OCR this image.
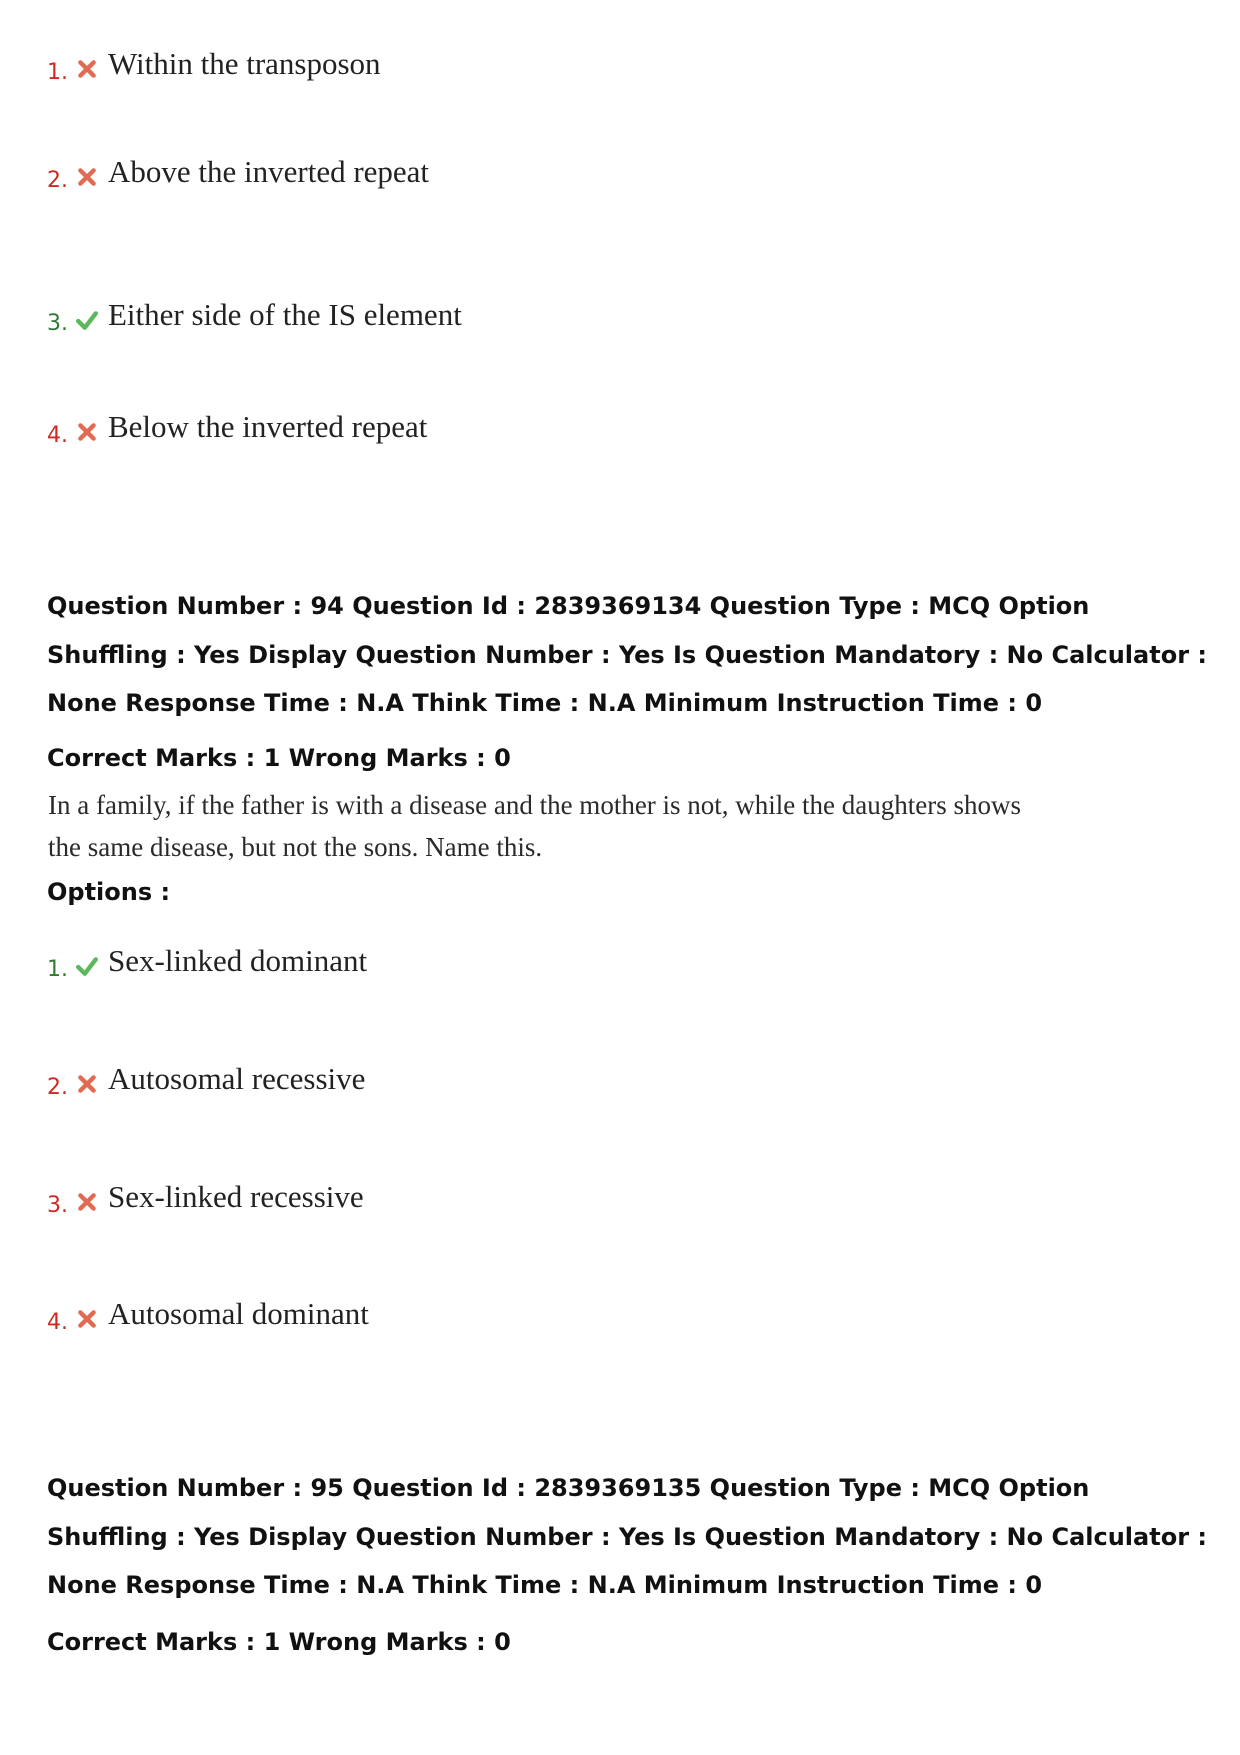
1. Within the transposon
2. Above the inverted repeat
3. Either side of the IS element
4. Below the inverted repeat

Question Number : 94 Question Id : 2839369134 Question Type : MCQ Option Shuffling : Yes Display Question Number : Yes Is Question Mandatory : No Calculator : None Response Time : N.A Think Time : N.A Minimum Instruction Time : 0

Correct Marks : 1 Wrong Marks : 0

In a family, if the father is with a disease and the mother is not, while the daughters shows
the same disease, but not the sons. Name this.

Options :
1. Sex-linked dominant
2. Autosomal recessive
3. Sex-linked recessive
4. Autosomal dominant

Question Number : 95 Question Id : 2839369135 Question Type : MCQ Option Shuffling : Yes Display Question Number : Yes Is Question Mandatory : No Calculator : None Response Time : N.A Think Time : N.A Minimum Instruction Time : 0

Correct Marks : 1 Wrong Marks : 0
